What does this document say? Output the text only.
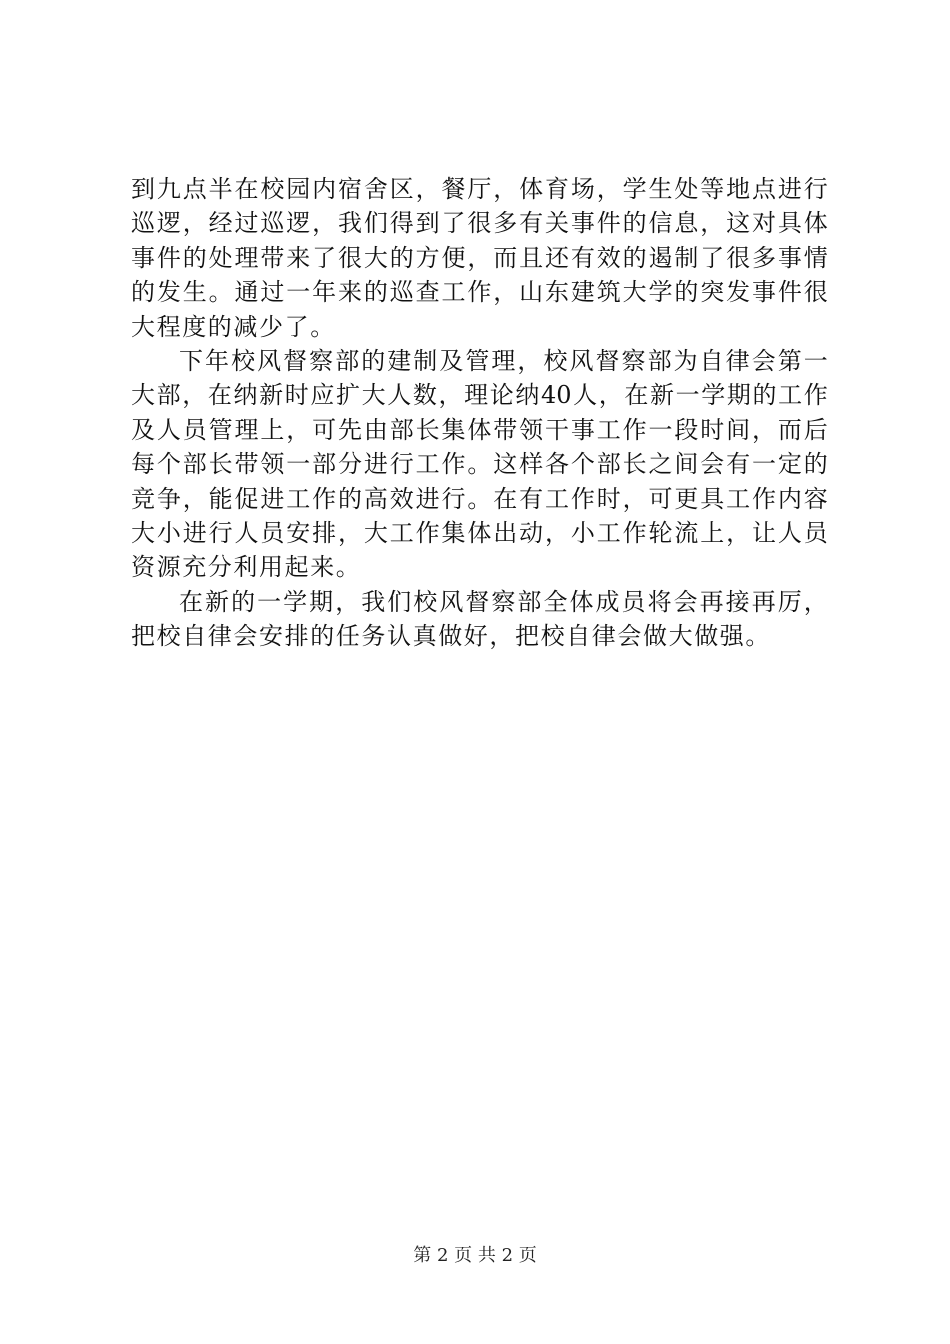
到 九 点 半 在 校 园 内 宿 舍 区 ， 餐 厅 ， 体 育 场 ， 学 生 处 等 地 点 进 行
巡 逻 ， 经 过 巡 逻 ， 我 们 得 到 了 很 多 有 关 事 件 的 信 息 ， 这 对 具 体
事 件 的 处 理 带 来 了 很 大 的 方 便 ， 而 且 还 有 效 的 遏 制 了 很 多 事 情
的 发 生 。 通 过 一 年 来 的 巡 查 工 作 ， 山 东 建 筑 大 学 的 突 发 事 件 很
大程度的减少了。
下 年 校 风 督 察 部 的 建 制 及 管 理 ， 校 风 督 察 部 为 自 律 会 第 一
大 部 ， 在 纳 新 时 应 扩 大 人 数 ， 理 论 纳 40 人 ， 在 新 一 学 期 的 工 作
及 人 员 管 理 上 ， 可 先 由 部 长 集 体 带 领 干 事 工 作 一 段 时 间 ， 而 后
每 个 部 长 带 领 一 部 分 进 行 工 作 。 这 样 各 个 部 长 之 间 会 有 一 定 的
竞 争 ， 能 促 进 工 作 的 高 效 进 行 。 在 有 工 作 时 ， 可 更 具 工 作 内 容
大 小 进 行 人 员 安 排 ， 大 工 作 集 体 出 动 ， 小 工 作 轮 流 上 ， 让 人 员
资源充分利用起来。
在 新 的 一 学 期 ， 我 们 校 风 督 察 部 全 体 成 员 将 会 再 接 再 厉 ，
把校自律会安排的任务认真做好，把校自律会做大做强。
第 2 页 共 2 页
